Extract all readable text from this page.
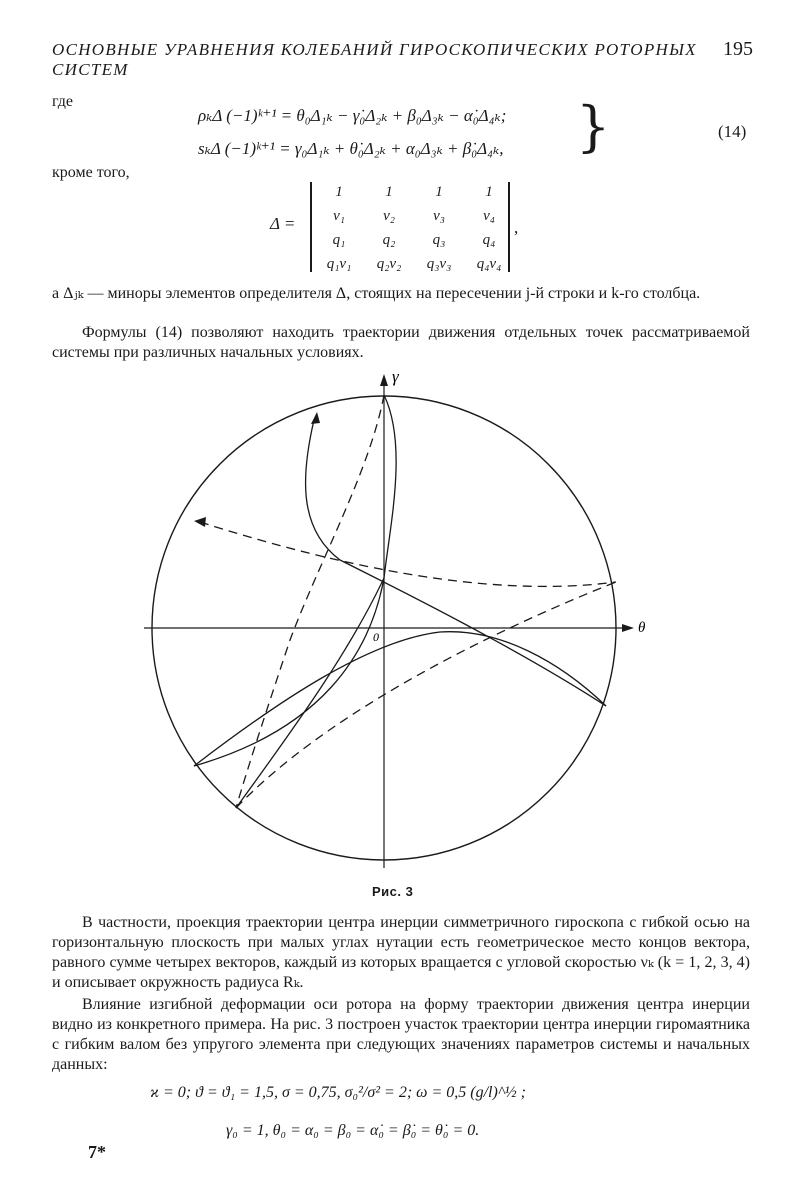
ОСНОВНЫЕ УРАВНЕНИЯ КОЛЕБАНИЙ ГИРОСКОПИЧЕСКИХ РОТОРНЫХ СИСТЕМ
195
где
ρₖΔ (−1)ᵏ⁺¹ = θ₀Δ₁ₖ − γ̇₀Δ₂ₖ + β₀Δ₃ₖ − α̇₀Δ₄ₖ;
sₖΔ (−1)ᵏ⁺¹ = γ₀Δ₁ₖ + θ̇₀Δ₂ₖ + α₀Δ₃ₖ + β̇₀Δ₄ₖ, }	(14)
кроме того,
Δ =
1	1	1	1
ν₁	ν₂	ν₃	ν₄
q₁	q₂	q₃	q₄
q₁ν₁	q₂ν₂	q₃ν₃	q₄ν₄
,
а Δⱼₖ — миноры элементов определителя Δ, стоящих на пересечении j-й строки и k-го столбца.
Формулы (14) позволяют находить траектории движения отдельных точек рассматриваемой системы при различных начальных условиях.
γ
θ
0
Рис. 3
В частности, проекция траектории центра инерции симметричного гироскопа с гибкой осью на горизонтальную плоскость при малых углах нутации есть геометрическое место концов вектора, равного сумме четырех векторов, каждый из которых вращается с угловой скоростью νₖ (k = 1, 2, 3, 4) и описывает окружность радиуса Rₖ.
Влияние изгибной деформации оси ротора на форму траектории движения центра инерции видно из конкретного примера. На рис. 3 построен участок траектории центра инерции гиромаятника с гибким валом без упругого элемента при следующих значениях параметров системы и начальных данных:
ϰ = 0; ϑ = ϑ₁ = 1,5, σ = 0,75, σ₀²/σ² = 2; ω = 0,5 (g/l)^½ ;
γ₀ = 1, θ₀ = α₀ = β₀ = α̇₀ = β̇₀ = θ̇₀ = 0.
7*
